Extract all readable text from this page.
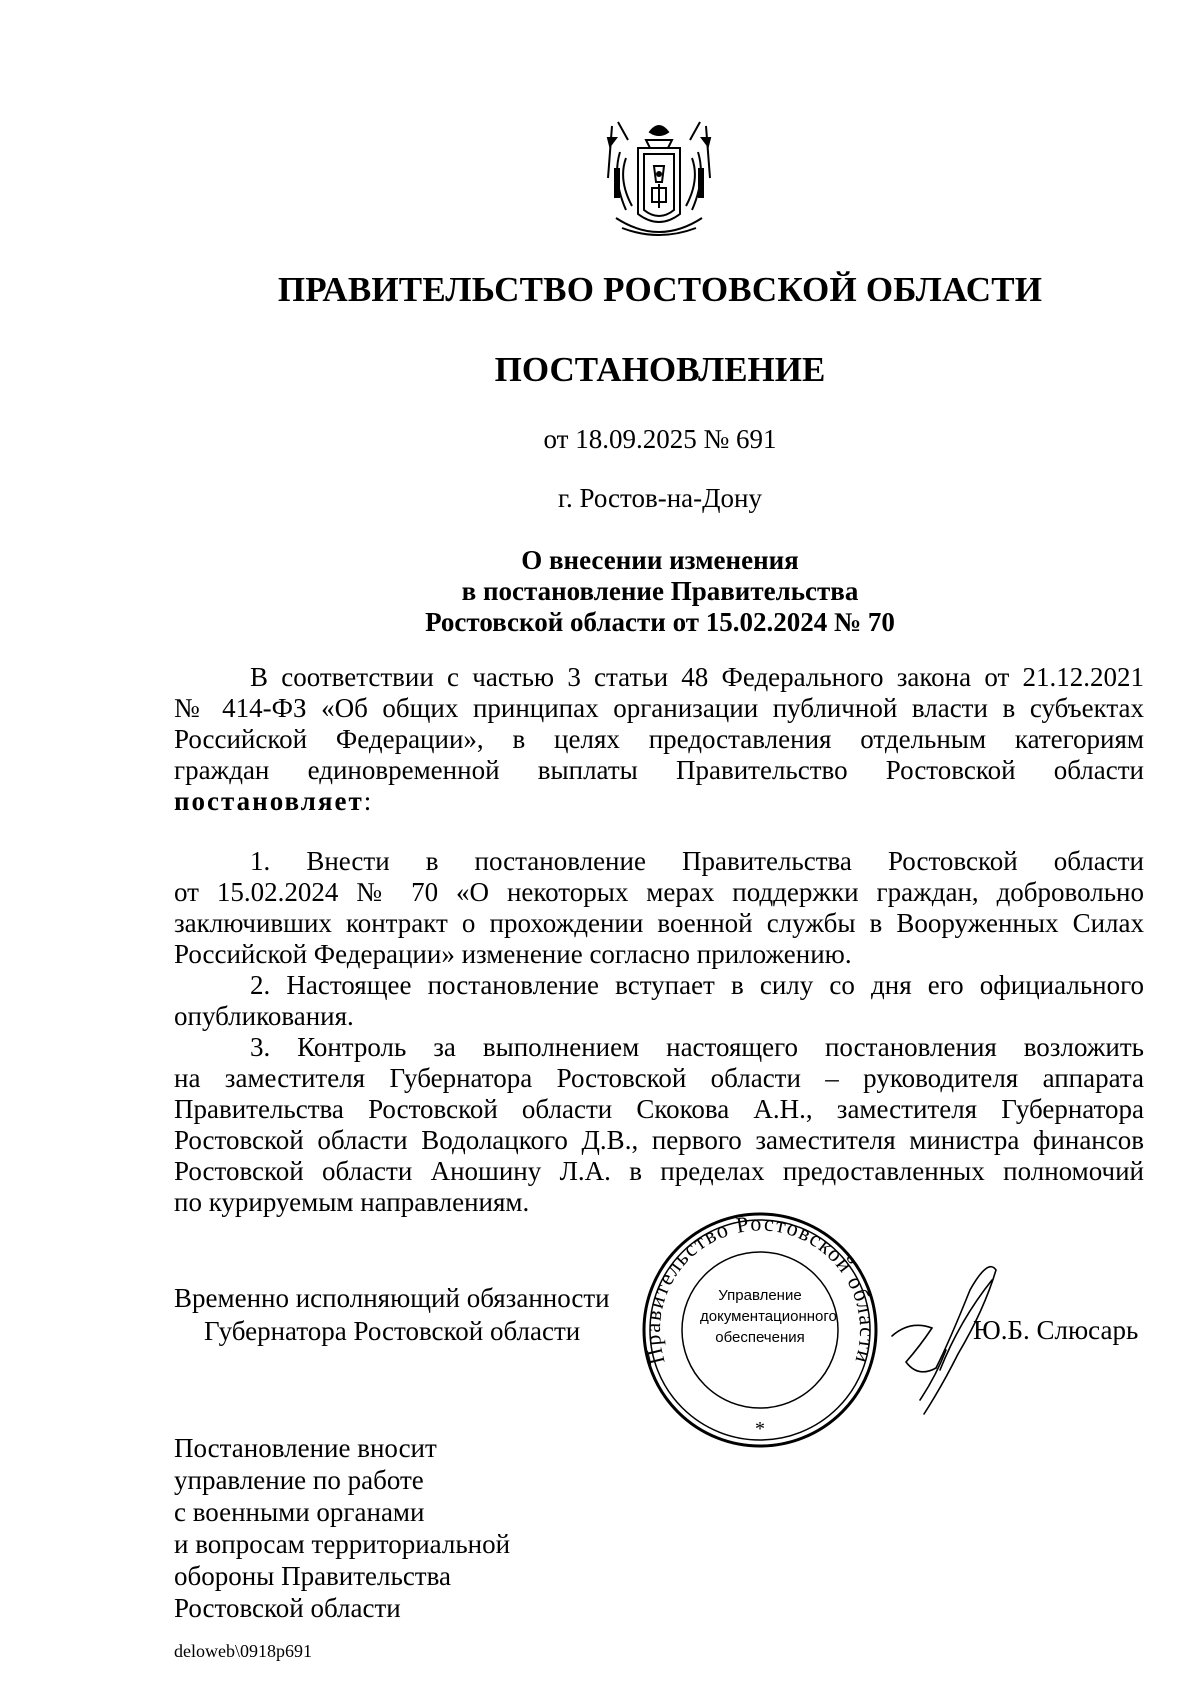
ПРАВИТЕЛЬСТВО РОСТОВСКОЙ ОБЛАСТИ
ПОСТАНОВЛЕНИЕ
от 18.09.2025 № 691
г. Ростов-на-Дону
О внесении изменения
в постановление Правительства
Ростовской области от 15.02.2024 № 70
В соответствии с частью 3 статьи 48 Федерального закона от 21.12.2021
№ 414-ФЗ «Об общих принципах организации публичной власти в субъектах
Российской Федерации», в целях предоставления отдельным категориям
граждан единовременной выплаты Правительство Ростовской области
постановляет:
1. Внести в постановление Правительства Ростовской области
от 15.02.2024 № 70 «О некоторых мерах поддержки граждан, добровольно
заключивших контракт о прохождении военной службы в Вооруженных Силах
Российской Федерации» изменение согласно приложению.
2. Настоящее постановление вступает в силу со дня его официального
опубликования.
3. Контроль за выполнением настоящего постановления возложить
на заместителя Губернатора Ростовской области – руководителя аппарата
Правительства Ростовской области Скокова А.Н., заместителя Губернатора
Ростовской области Водолацкого Д.В., первого заместителя министра финансов
Ростовской области Аношину Л.А. в пределах предоставленных полномочий
по курируемым направлениям.
Временно исполняющий обязанности
Губернатора Ростовской области
Правительство Ростовской области
*
Управление
документационного
обеспечения	Ю.Б. Слюсарь
Постановление вносит
управление по работе
с военными органами
и вопросам территориальной
обороны Правительства
Ростовской области
deloweb\0918p691
